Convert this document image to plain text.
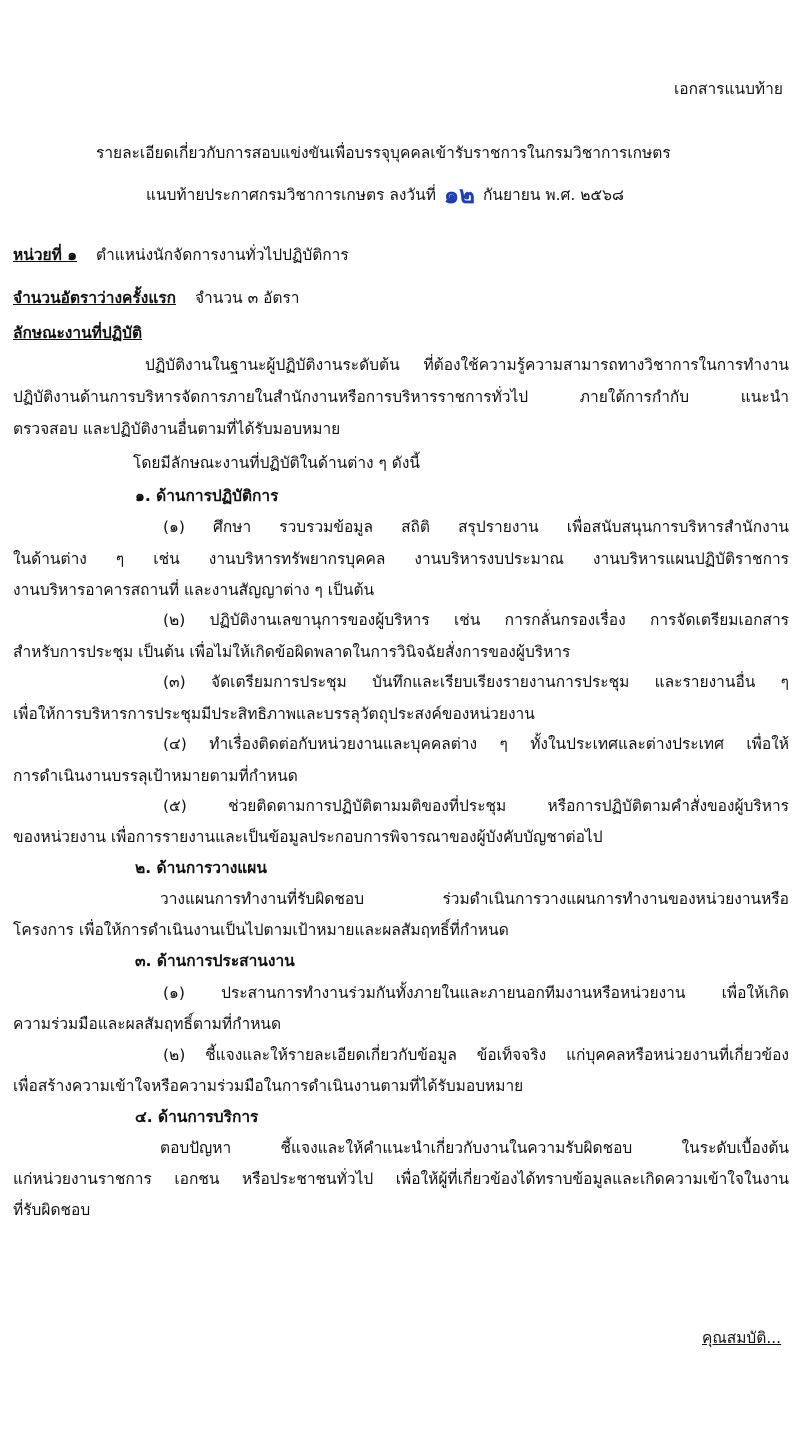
เอกสารแนบท้าย
รายละเอียดเกี่ยวกับการสอบแข่งขันเพื่อบรรจุบุคคลเข้ารับราชการในกรมวิชาการเกษตร
แนบท้ายประกาศกรมวิชาการเกษตร ลงวันที่ ๑๒ กันยายน พ.ศ. ๒๕๖๘
หน่วยที่ ๑ ตำแหน่งนักจัดการงานทั่วไปปฏิบัติการ
จำนวนอัตราว่างครั้งแรก จำนวน ๓ อัตรา
ลักษณะงานที่ปฏิบัติ
ปฏิบัติงานในฐานะผู้ปฏิบัติงานระดับต้น ที่ต้องใช้ความรู้ความสามารถทางวิชาการในการทำงาน
ปฏิบัติงานด้านการบริหารจัดการภายในสำนักงานหรือการบริหารราชการทั่วไป ภายใต้การกำกับ แนะนำ
ตรวจสอบ และปฏิบัติงานอื่นตามที่ได้รับมอบหมาย
โดยมีลักษณะงานที่ปฏิบัติในด้านต่าง ๆ ดังนี้
๑. ด้านการปฏิบัติการ
(๑) ศึกษา รวบรวมข้อมูล สถิติ สรุปรายงาน เพื่อสนับสนุนการบริหารสำนักงาน
ในด้านต่าง ๆ เช่น งานบริหารทรัพยากรบุคคล งานบริหารงบประมาณ งานบริหารแผนปฏิบัติราชการ
งานบริหารอาคารสถานที่ และงานสัญญาต่าง ๆ เป็นต้น
(๒) ปฏิบัติงานเลขานุการของผู้บริหาร เช่น การกลั่นกรองเรื่อง การจัดเตรียมเอกสาร
สำหรับการประชุม เป็นต้น เพื่อไม่ให้เกิดข้อผิดพลาดในการวินิจฉัยสั่งการของผู้บริหาร
(๓) จัดเตรียมการประชุม บันทึกและเรียบเรียงรายงานการประชุม และรายงานอื่น ๆ
เพื่อให้การบริหารการประชุมมีประสิทธิภาพและบรรลุวัตถุประสงค์ของหน่วยงาน
(๔) ทำเรื่องติดต่อกับหน่วยงานและบุคคลต่าง ๆ ทั้งในประเทศและต่างประเทศ เพื่อให้
การดำเนินงานบรรลุเป้าหมายตามที่กำหนด
(๕) ช่วยติดตามการปฏิบัติตามมติของที่ประชุม หรือการปฏิบัติตามคำสั่งของผู้บริหาร
ของหน่วยงาน เพื่อการรายงานและเป็นข้อมูลประกอบการพิจารณาของผู้บังคับบัญชาต่อไป
๒. ด้านการวางแผน
วางแผนการทำงานที่รับผิดชอบ ร่วมดำเนินการวางแผนการทำงานของหน่วยงานหรือ
โครงการ เพื่อให้การดำเนินงานเป็นไปตามเป้าหมายและผลสัมฤทธิ์ที่กำหนด
๓. ด้านการประสานงาน
(๑) ประสานการทำงานร่วมกันทั้งภายในและภายนอกทีมงานหรือหน่วยงาน เพื่อให้เกิด
ความร่วมมือและผลสัมฤทธิ์ตามที่กำหนด
(๒) ชี้แจงและให้รายละเอียดเกี่ยวกับข้อมูล ข้อเท็จจริง แก่บุคคลหรือหน่วยงานที่เกี่ยวข้อง
เพื่อสร้างความเข้าใจหรือความร่วมมือในการดำเนินงานตามที่ได้รับมอบหมาย
๔. ด้านการบริการ
ตอบปัญหา ชี้แจงและให้คำแนะนำเกี่ยวกับงานในความรับผิดชอบ ในระดับเบื้องต้น
แก่หน่วยงานราชการ เอกชน หรือประชาชนทั่วไป เพื่อให้ผู้ที่เกี่ยวข้องได้ทราบข้อมูลและเกิดความเข้าใจในงาน
ที่รับผิดชอบ
คุณสมบัติ...
